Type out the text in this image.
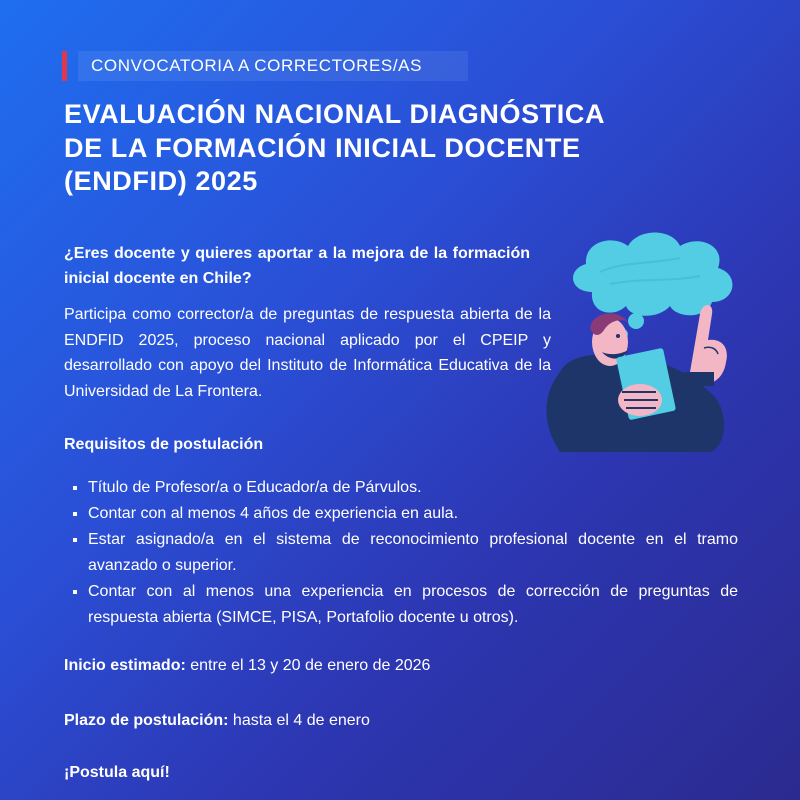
CONVOCATORIA A CORRECTORES/AS
EVALUACIÓN NACIONAL DIAGNÓSTICA
DE LA FORMACIÓN INICIAL DOCENTE
(ENDFID) 2025
¿Eres docente y quieres aportar a la mejora de la formación inicial docente en Chile?
Participa como corrector/a de preguntas de respuesta abierta de la ENDFID 2025, proceso nacional aplicado por el CPEIP y desarrollado con apoyo del Instituto de Informática Educativa de la Universidad de La Frontera.
Requisitos de postulación
Título de Profesor/a o Educador/a de Párvulos.
Contar con al menos 4 años de experiencia en aula.
Estar asignado/a en el sistema de reconocimiento profesional docente en el tramo avanzado o superior.
Contar con al menos una experiencia en procesos de corrección de preguntas de respuesta abierta (SIMCE, PISA, Portafolio docente u otros).
Inicio estimado: entre el 13 y 20 de enero de 2026
Plazo de postulación: hasta el 4 de enero
¡Postula aquí!
